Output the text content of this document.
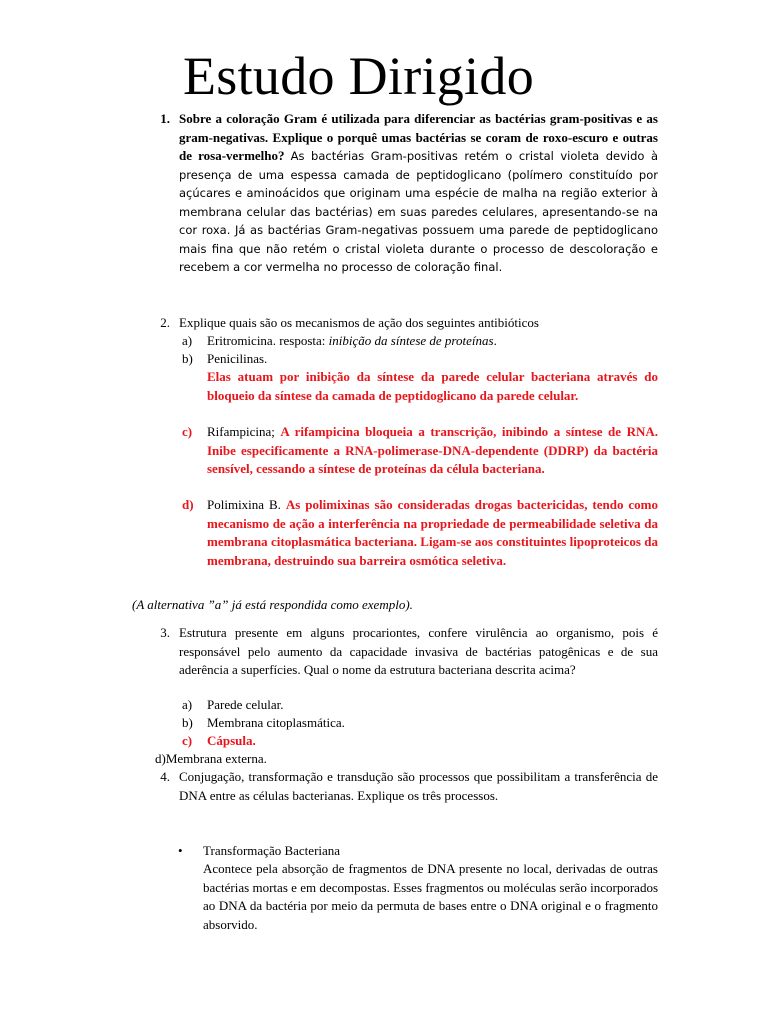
Estudo Dirigido
1. Sobre a coloração Gram é utilizada para diferenciar as bactérias gram-positivas e as gram-negativas. Explique o porquê umas bactérias se coram de roxo-escuro e outras de rosa-vermelho? As bactérias Gram-positivas retém o cristal violeta devido à presença de uma espessa camada de peptidoglicano (polímero constituído por açúcares e aminoácidos que originam uma espécie de malha na região exterior à membrana celular das bactérias) em suas paredes celulares, apresentando-se na cor roxa. Já as bactérias Gram-negativas possuem uma parede de peptidoglicano mais fina que não retém o cristal violeta durante o processo de descoloração e recebem a cor vermelha no processo de coloração final.
2. Explique quais são os mecanismos de ação dos seguintes antibióticos
a)	Eritromicina. resposta: inibição da síntese de proteínas.
b)	Penicilinas.
Elas atuam por inibição da síntese da parede celular bacteriana através do bloqueio da síntese da camada de peptidoglicano da parede celular.
c)	Rifampicina; A rifampicina bloqueia a transcrição, inibindo a síntese de RNA. Inibe especificamente a RNA-polimerase-DNA-dependente (DDRP) da bactéria sensível, cessando a síntese de proteínas da célula bacteriana.
d)	Polimixina B. As polimixinas são consideradas drogas bactericidas, tendo como mecanismo de ação a interferência na propriedade de permeabilidade seletiva da membrana citoplasmática bacteriana. Ligam-se aos constituintes lipoproteicos da membrana, destruindo sua barreira osmótica seletiva.
(A alternativa ”a” já está respondida como exemplo).
3. Estrutura presente em alguns procariontes, confere virulência ao organismo, pois é responsável pelo aumento da capacidade invasiva de bactérias patogênicas e de sua aderência a superfícies. Qual o nome da estrutura bacteriana descrita acima?
a)	Parede celular.
b)	Membrana citoplasmática.
c)	Cápsula.
d)Membrana externa.
4. Conjugação, transformação e transdução são processos que possibilitam a transferência de DNA entre as células bacterianas. Explique os três processos.
• Transformação Bacteriana
Acontece pela absorção de fragmentos de DNA presente no local, derivadas de outras bactérias mortas e em decompostas. Esses fragmentos ou moléculas serão incorporados ao DNA da bactéria por meio da permuta de bases entre o DNA original e o fragmento absorvido.
